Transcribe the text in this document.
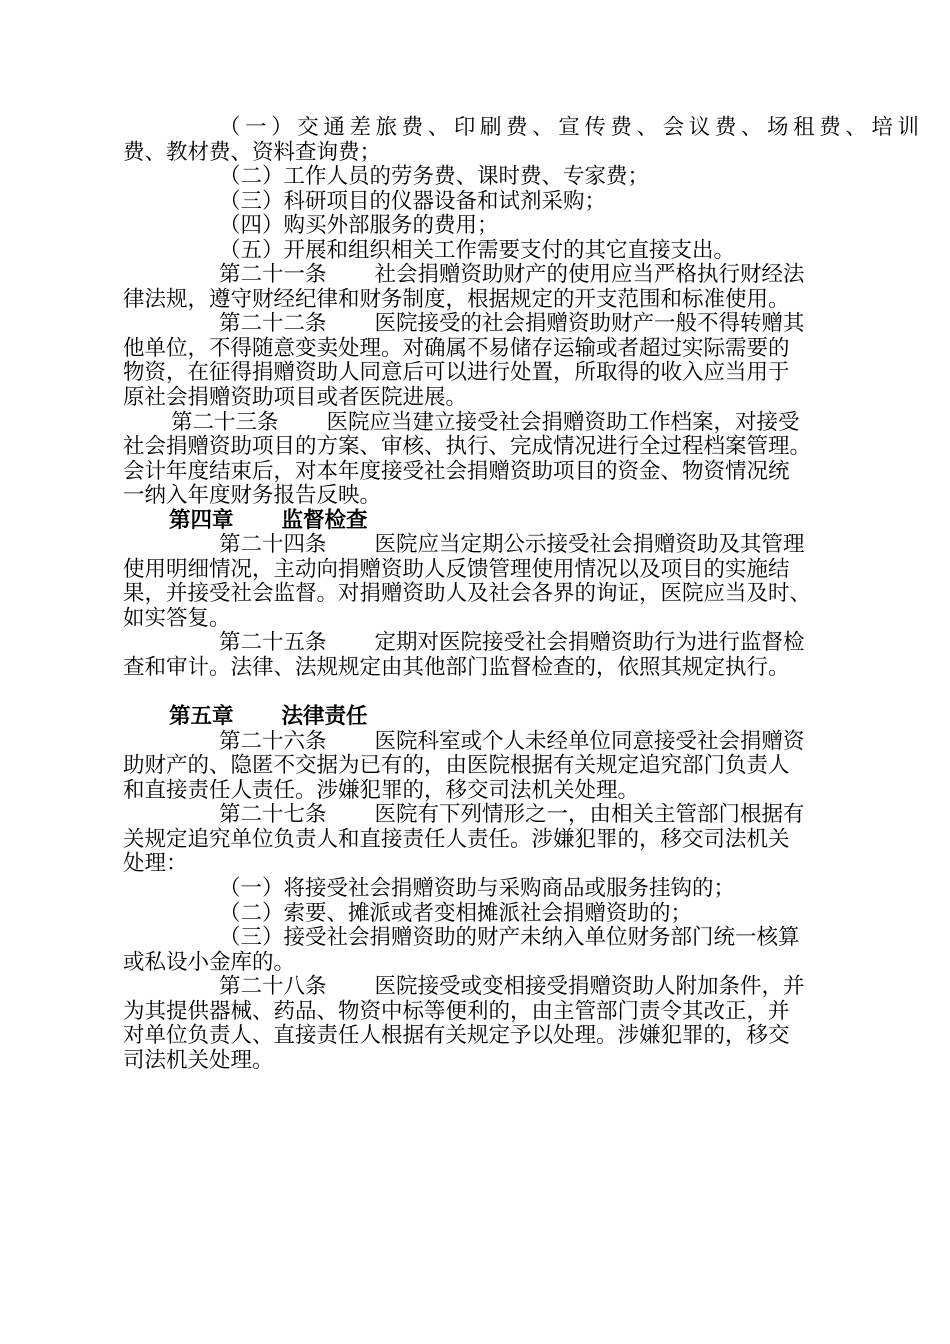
（一）交通差旅费、印刷费、宣传费、会议费、场租费、培训
费、教材费、资料查询费；
（二）工作人员的劳务费、课时费、专家费；
（三）科研项目的仪器设备和试剂采购；
（四）购买外部服务的费用；
（五）开展和组织相关工作需要支付的其它直接支出。
第二十一条 社会捐赠资助财产的使用应当严格执行财经法
律法规，遵守财经纪律和财务制度，根据规定的开支范围和标准使用。
第二十二条 医院接受的社会捐赠资助财产一般不得转赠其
他单位，不得随意变卖处理。对确属不易储存运输或者超过实际需要的
物资，在征得捐赠资助人同意后可以进行处置，所取得的收入应当用于
原社会捐赠资助项目或者医院进展。
第二十三条 医院应当建立接受社会捐赠资助工作档案，对接受
社会捐赠资助项目的方案、审核、执行、完成情况进行全过程档案管理。
会计年度结束后，对本年度接受社会捐赠资助项目的资金、物资情况统
一纳入年度财务报告反映。
第四章 监督检查
第二十四条 医院应当定期公示接受社会捐赠资助及其管理
使用明细情况，主动向捐赠资助人反馈管理使用情况以及项目的实施结
果，并接受社会监督。对捐赠资助人及社会各界的询证，医院应当及时、
如实答复。
第二十五条 定期对医院接受社会捐赠资助行为进行监督检
查和审计。法律、法规规定由其他部门监督检查的，依照其规定执行。
第五章 法律责任
第二十六条 医院科室或个人未经单位同意接受社会捐赠资
助财产的、隐匿不交据为已有的，由医院根据有关规定追究部门负责人
和直接责任人责任。涉嫌犯罪的，移交司法机关处理。
第二十七条 医院有下列情形之一，由相关主管部门根据有
关规定追究单位负责人和直接责任人责任。涉嫌犯罪的，移交司法机关
处理：
（一）将接受社会捐赠资助与采购商品或服务挂钩的；
（二）索要、摊派或者变相摊派社会捐赠资助的；
（三）接受社会捐赠资助的财产未纳入单位财务部门统一核算
或私设小金库的。
第二十八条 医院接受或变相接受捐赠资助人附加条件，并
为其提供器械、药品、物资中标等便利的，由主管部门责令其改正，并
对单位负责人、直接责任人根据有关规定予以处理。涉嫌犯罪的，移交
司法机关处理。
